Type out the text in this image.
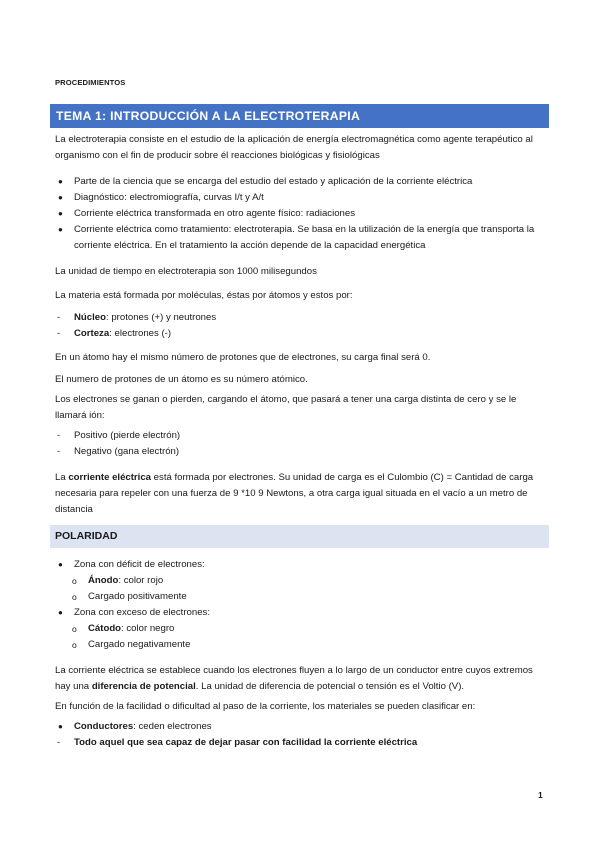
PROCEDIMIENTOS
TEMA 1: INTRODUCCIÓN A LA ELECTROTERAPIA
La electroterapia consiste en el estudio de la aplicación de energía electromagnética como agente terapéutico al organismo con el fin de producir sobre él reacciones biológicas y fisiológicas
● Parte de la ciencia que se encarga del estudio del estado y aplicación de la corriente eléctrica
● Diagnóstico: electromiografía, curvas I/t y A/t
● Corriente eléctrica transformada en otro agente físico: radiaciones
● Corriente eléctrica como tratamiento: electroterapia. Se basa en la utilización de la energía que transporta la corriente eléctrica. En el tratamiento la acción depende de la capacidad energética
La unidad de tiempo en electroterapia son 1000 milisegundos
La materia está formada por moléculas, éstas por átomos y estos por:
- Núcleo: protones (+) y neutrones
- Corteza: electrones (-)
En un átomo hay el mismo número de protones que de electrones, su carga final será 0.
El numero de protones de un átomo es su número atómico.
Los electrones se ganan o pierden, cargando el átomo, que pasará a tener una carga distinta de cero y se le llamará ión:
- Positivo (pierde electrón)
- Negativo (gana electrón)
La corriente eléctrica está formada por electrones. Su unidad de carga es el Culombio (C) = Cantidad de carga necesaria para repeler con una fuerza de 9 *10 9 Newtons, a otra carga igual situada en el vacío a un metro de distancia
POLARIDAD
● Zona con déficit de electrones:
o Ánodo: color rojo
o Cargado positivamente
● Zona con exceso de electrones:
o Cátodo: color negro
o Cargado negativamente
La corriente eléctrica se establece cuando los electrones fluyen a lo largo de un conductor entre cuyos extremos hay una diferencia de potencial. La unidad de diferencia de potencial o tensión es el Voltio (V).
En función de la facilidad o dificultad al paso de la corriente, los materiales se pueden clasificar en:
● Conductores: ceden electrones
- Todo aquel que sea capaz de dejar pasar con facilidad la corriente eléctrica
1
